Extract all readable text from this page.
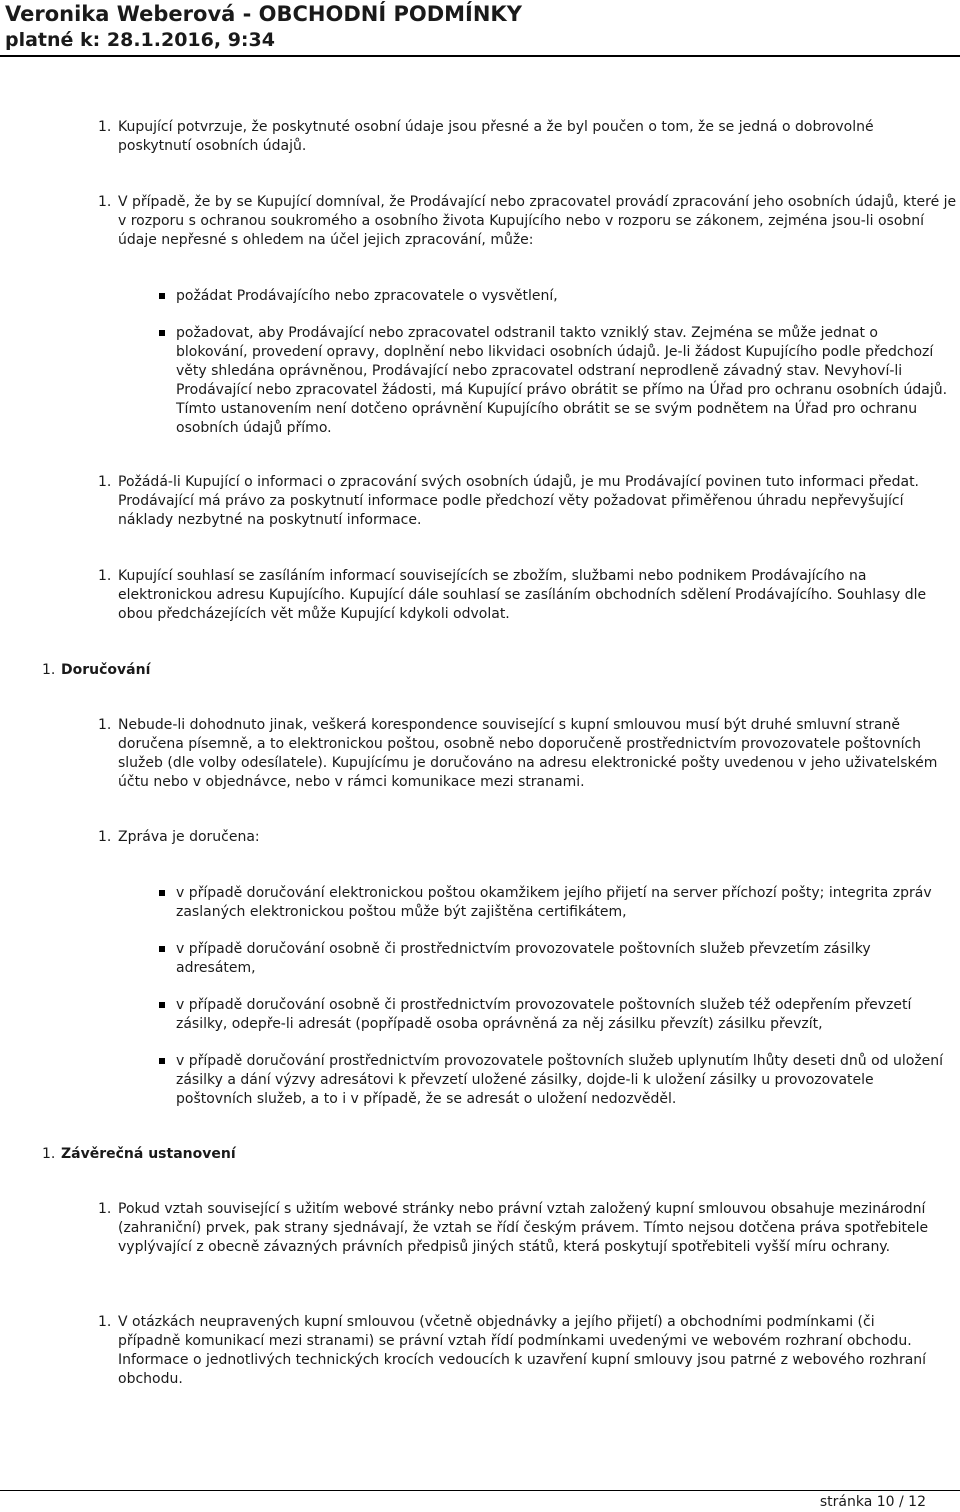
Veronika Weberová - OBCHODNÍ PODMÍNKY
platné k: 28.1.2016, 9:34
1. Kupující potvrzuje, že poskytnuté osobní údaje jsou přesné a že byl poučen o tom, že se jedná o dobrovolné poskytnutí osobních údajů.

1. V případě, že by se Kupující domníval, že Prodávající nebo zpracovatel provádí zpracování jeho osobních údajů, které je v rozporu s ochranou soukromého a osobního života Kupujícího nebo v rozporu se zákonem, zejména jsou-li osobní údaje nepřesné s ohledem na účel jejich zpracování, může:

požádat Prodávajícího nebo zpracovatele o vysvětlení,

požadovat, aby Prodávající nebo zpracovatel odstranil takto vzniklý stav. Zejména se může jednat o blokování, provedení opravy, doplnění nebo likvidaci osobních údajů. Je-li žádost Kupujícího podle předchozí věty shledána oprávněnou, Prodávající nebo zpracovatel odstraní neprodleně závadný stav. Nevyhoví-li Prodávající nebo zpracovatel žádosti, má Kupující právo obrátit se přímo na Úřad pro ochranu osobních údajů. Tímto ustanovením není dotčeno oprávnění Kupujícího obrátit se se svým podnětem na Úřad pro ochranu osobních údajů přímo.

1. Požádá-li Kupující o informaci o zpracování svých osobních údajů, je mu Prodávající povinen tuto informaci předat. Prodávající má právo za poskytnutí informace podle předchozí věty požadovat přiměřenou úhradu nepřevyšující náklady nezbytné na poskytnutí informace.

1. Kupující souhlasí se zasíláním informací souvisejících se zbožím, službami nebo podnikem Prodávajícího na elektronickou adresu Kupujícího. Kupující dále souhlasí se zasíláním obchodních sdělení Prodávajícího. Souhlasy dle obou předcházejících vět může Kupující kdykoli odvolat.

1. Doručování
1. Nebude-li dohodnuto jinak, veškerá korespondence související s kupní smlouvou musí být druhé smluvní straně doručena písemně, a to elektronickou poštou, osobně nebo doporučeně prostřednictvím provozovatele poštovních služeb (dle volby odesílatele). Kupujícímu je doručováno na adresu elektronické pošty uvedenou v jeho uživatelském účtu nebo v objednávce, nebo v rámci komunikace mezi stranami.

1. Zpráva je doručena:

v případě doručování elektronickou poštou okamžikem jejího přijetí na server příchozí pošty; integrita zpráv zaslaných elektronickou poštou může být zajištěna certifikátem,

v případě doručování osobně či prostřednictvím provozovatele poštovních služeb převzetím zásilky adresátem,

v případě doručování osobně či prostřednictvím provozovatele poštovních služeb též odepřením převzetí zásilky, odepře-li adresát (popřípadě osoba oprávněná za něj zásilku převzít) zásilku převzít,

v případě doručování prostřednictvím provozovatele poštovních služeb uplynutím lhůty deseti dnů od uložení zásilky a dání výzvy adresátovi k převzetí uložené zásilky, dojde-li k uložení zásilky u provozovatele poštovních služeb, a to i v případě, že se adresát o uložení nedozvěděl.

1. Závěrečná ustanovení
1. Pokud vztah související s užitím webové stránky nebo právní vztah založený kupní smlouvou obsahuje mezinárodní (zahraniční) prvek, pak strany sjednávají, že vztah se řídí českým právem. Tímto nejsou dotčena práva spotřebitele vyplývající z obecně závazných právních předpisů jiných států, která poskytují spotřebiteli vyšší míru ochrany.

1. V otázkách neupravených kupní smlouvou (včetně objednávky a jejího přijetí) a obchodními podmínkami (či případně komunikací mezi stranami) se právní vztah řídí podmínkami uvedenými ve webovém rozhraní obchodu. Informace o jednotlivých technických krocích vedoucích k uzavření kupní smlouvy jsou patrné z webového rozhraní obchodu.

stránka 10 / 12
